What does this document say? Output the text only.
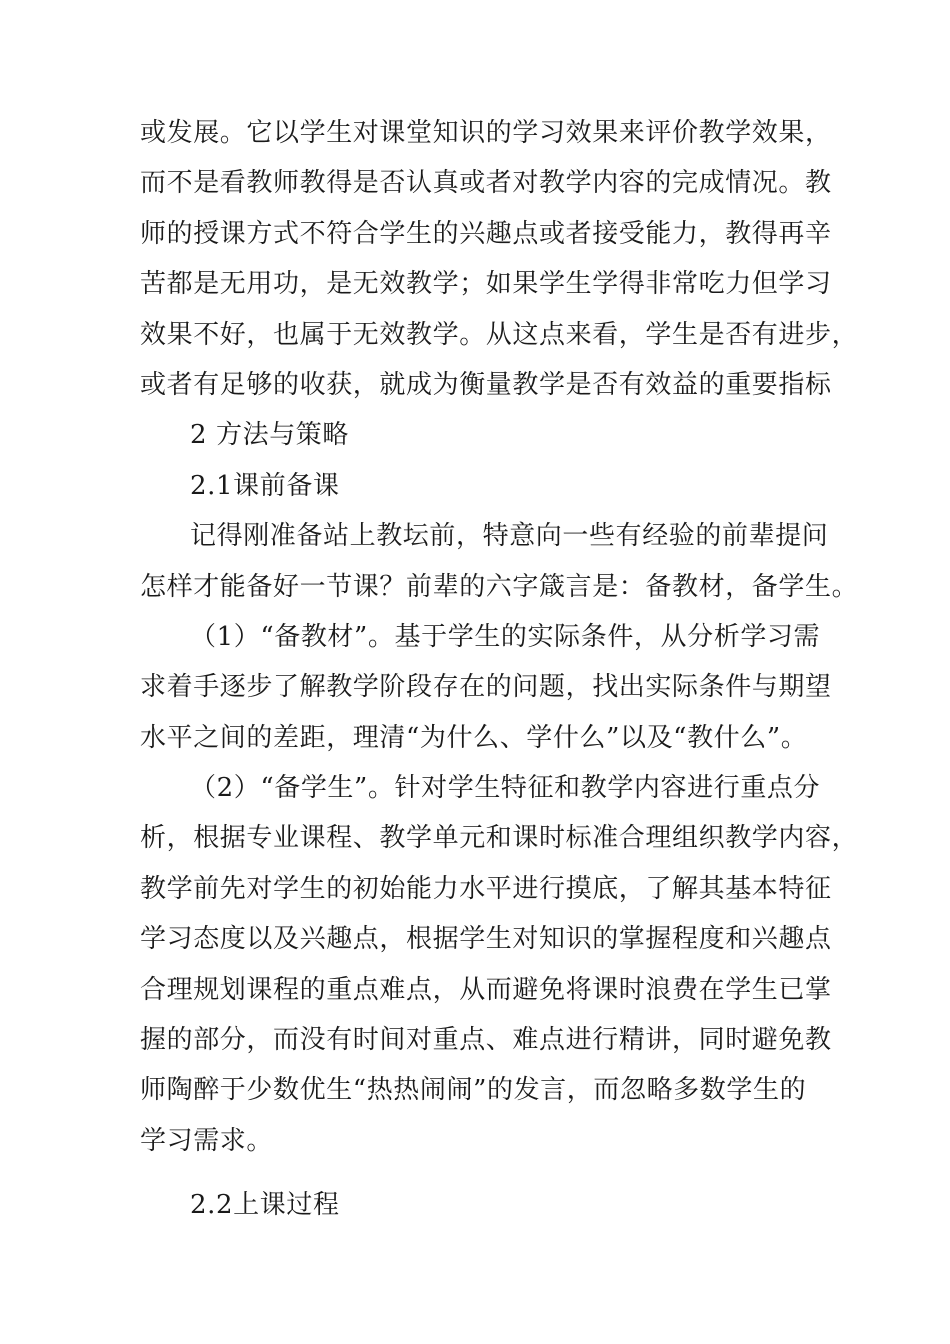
或发展。它以学生对课堂知识的学习效果来评价教学效果，
而不是看教师教得是否认真或者对教学内容的完成情况。教
师的授课方式不符合学生的兴趣点或者接受能力，教得再辛
苦都是无用功，是无效教学；如果学生学得非常吃力但学习
效果不好，也属于无效教学。从这点来看，学生是否有进步，
或者有足够的收获，就成为衡量教学是否有效益的重要指标
2 方法与策略
2.1课前备课
记得刚准备站上教坛前，特意向一些有经验的前辈提问
怎样才能备好一节课？前辈的六字箴言是：备教材，备学生。
（1）“备教材”。基于学生的实际条件，从分析学习需
求着手逐步了解教学阶段存在的问题，找出实际条件与期望
水平之间的差距，理清“为什么、学什么”以及“教什么”。
（2）“备学生”。针对学生特征和教学内容进行重点分
析，根据专业课程、教学单元和课时标准合理组织教学内容，
教学前先对学生的初始能力水平进行摸底，了解其基本特征
学习态度以及兴趣点，根据学生对知识的掌握程度和兴趣点
合理规划课程的重点难点，从而避免将课时浪费在学生已掌
握的部分，而没有时间对重点、难点进行精讲，同时避免教
师陶醉于少数优生“热热闹闹”的发言，而忽略多数学生的
学习需求。
2.2上课过程
